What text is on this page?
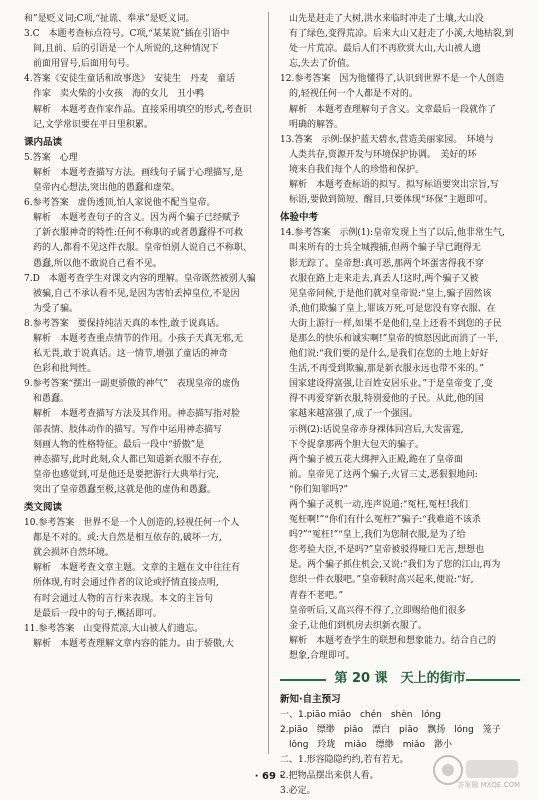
和”是贬义词;C项,“扯谎、奉承”是贬义词。

3.C　本题考查标点符号。C项,“某某说”插在引语中

间,且前、后的引语是一个人所说的,这种情况下

前面用冒号,后面用句号。

4.答案《安徒生童话和故事选》　安徒生　丹麦　童话

作家　卖火柴的小女孩　海的女儿　丑小鸭

解析　本题考查作家作品。直接采用填空的形式,考查识

记,文学常识要在平日里积累。

课内品读

5.答案　心理

解析　本题考查描写方法。画线句子属于心理描写,是

皇帝内心想法,突出他的愚蠢和虚荣。

6.参考答案　虚伪透顶,怕人家说他不配当皇帝。

解析　本题考查句子的含义。因为两个骗子已经赋予

了新衣服神奇的特性:任何不称职的或者愚蠢得不可救

药的人,都看不见这件衣服。皇帝怕别人说自己不称职、

愚蠢,所以他不敢说自己看不见。

7.D　本题考查学生对课文内容的理解。皇帝既然被别人骗

被骗,自己不承认看不见,是因为害怕丢掉皇位,不是因

为受了骗。

8.参考答案　要保持纯洁天真的本性,敢于说真话。

解析　本题考查重点情节的作用。小孩子天真无邪,无

私无畏,敢于说真话。这一情节,增强了童话的神奇

色彩和批判性。

9.参考答案“摆出一副更骄傲的神气”　表现皇帝的虚伪

和愚蠢。

解析　本题考查描写方法及其作用。神态描写指对脸

部表情、肢体动作的描写。写作中运用神态描写

刻画人物的性格特征。最后一段中“骄傲”是

神态描写,此时此刻,众人都已知道新衣服不存在,

皇帝也感觉到,可是他还是要把游行大典举行完,

突出了皇帝愚蠢至极,这就是他的虚伪和愚蠢。

类文阅读

10.参考答案　世界不是一个人创造的,轻视任何一个人

都是不对的。或:大自然是相互依存的,破坏一方,

就会损坏自然环境。

解析　本题考查文章主题。文章的主题在文中往往有

所体现,有时会通过作者的议论或抒情直接点明,

有时会通过人物的言行来表现。本文的主旨句

是最后一段中的句子,概括即可。

11.参考答案　山变得荒凉,大山被人们遗忘。

解析　本题考查理解文章内容的能力。由于骄傲,大

山先是赶走了大树,洪水来临时冲走了土壤,大山没

有了绿色,变得荒凉。后来大山又赶走了小溪,大地枯裂,到

处一片荒凉。最后人们不再欣赏大山,大山被人遗

忘,失去了价值。

12.参考答案　因为他懂得了,认识到世界不是一个人创造

的,轻视任何一个人都是不对的。

解析　本题考查理解句子含义。文章最后一段就作了

明确的解答。

13.答案　示例:保护蓝天碧水,营造美丽家园。　环境与

人类共存,资源开发与环境保护协调。　美好的环

境来自我们每个人的珍惜和保护。

解析　本题考查标语的拟写。拟写标语要突出宗旨,写

标语,要做到简短、醒目,只要体现“环保”主题即可。

体验中考

14.参考答案　示例(1):皇帝发现上当了以后,他非常生气,

叫来所有的士兵全城搜捕,但两个骗子早已跑得无

影无踪了。皇帝想:真可恶,那两个坏蛋害得我不穿

衣服在路上走来走去,真丢人!这时,两个骗子又被

见皇帝问候,于是他们就对皇帝说:“皇上,骗子固然该

杀,他们欺骗了皇上,罪该万死,可是您没有穿衣服、在

大街上游行一样,如果不是他们,皇上还看不到您的子民

是那么的快乐和诚实啊!”皇帝的愤怒因此而消了一半,

他们说:“我们要的是什么,是我们在您的土地上好好

生活,不再受到欺骗,那是新衣服永远也带不来的。”

国家建设得富强,让百姓安居乐业。”于是皇帝变了,变

得不再爱穿新衣服,特别爱他的子民。从此,他的国

家越来越富强了,成了一个强国。

示例(2):话说皇帝赤身裸体回宫后,大发雷霆,

下令捉拿那两个胆大包天的骗子。

两个骗子被五花大绑押入正殿,跪在了皇帝面

前。皇帝见了这两个骗子,火冒三丈,恶狠狠地问:

“你们知罪吗?”

两个骗子灵机一动,连声说道:“冤枉,冤枉!我们

冤枉啊!”“你们有什么冤枉?”骗子:“我难道不该杀

吗?”“冤枉!”“皇上,我们为您制衣服,是为了给

您考验大臣,不是吗?”皇帝被驳得哑口无言,想想也

是。两个骗子抓住机会,又说:“我们为了您的江山,再为

您织一件衣服吧。”皇帝顿时高兴起来,便说:“好,

青春不老吧。”

皇帝听后,又高兴得不得了,立即赐给他们很多

金子,让他们到机房去织新衣服了。

解析　本题考查学生的联想和想象能力。结合自己的

想象,合理即可。

第 20 课　天上的街市
新知·自主预习

一、1.piāo miǎo　chén　shèn　lóng

2.piāo　缥缈　piǎo　漂白　piāo　飘扬　lóng　笼子

lǒng　玲珑　miǎo　缥缈　miǎo　渺小

二、1.形容隐隐约约,若有若无。

2.把物品摆出来供人看。

3.必定。

· 69 ·
答案圈 MXQE.COM
